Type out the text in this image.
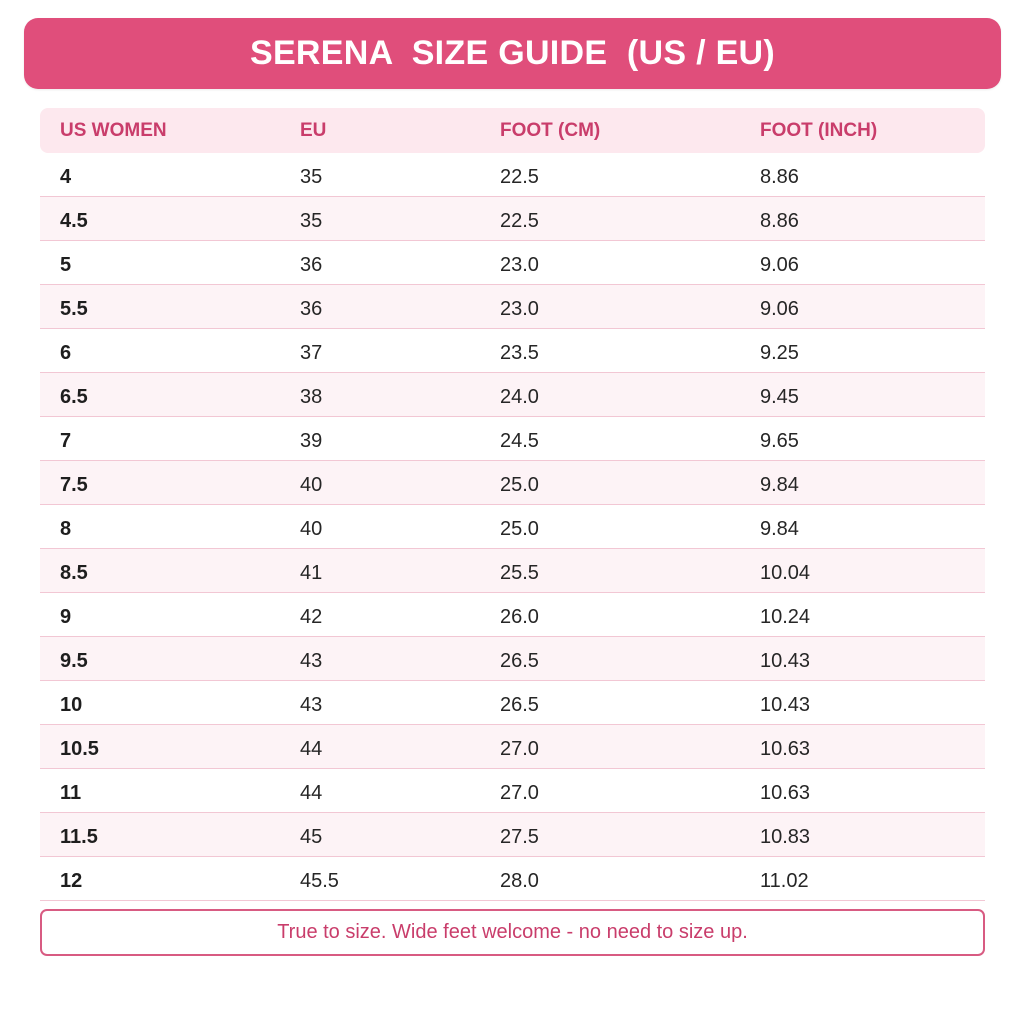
SERENA  SIZE GUIDE  (US / EU)
US WOMEN	EU	FOOT (CM)	FOOT (INCH)
4	35	22.5	8.86
4.5	35	22.5	8.86
5	36	23.0	9.06
5.5	36	23.0	9.06
6	37	23.5	9.25
6.5	38	24.0	9.45
7	39	24.5	9.65
7.5	40	25.0	9.84
8	40	25.0	9.84
8.5	41	25.5	10.04
9	42	26.0	10.24
9.5	43	26.5	10.43
10	43	26.5	10.43
10.5	44	27.0	10.63
11	44	27.0	10.63
11.5	45	27.5	10.83
12	45.5	28.0	11.02
True to size. Wide feet welcome - no need to size up.
